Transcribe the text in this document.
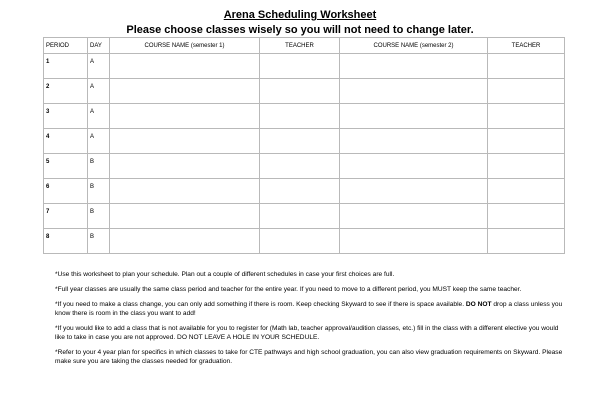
Arena Scheduling Worksheet
Please choose classes wisely so you will not need to change later.
PERIOD	DAY	COURSE NAME (semester 1)	TEACHER	COURSE NAME (semester 2)	TEACHER
1	A				
2	A				
3	A				
4	A				
5	B				
6	B				
7	B				
8	B				

*Use this worksheet to plan your schedule. Plan out a couple of different schedules in case your first choices are full.

*Full year classes are usually the same class period and teacher for the entire year. If you need to move to a different period, you MUST keep the same teacher.

*If you need to make a class change, you can only add something if there is room. Keep checking Skyward to see if there is space available. DO NOT drop a class unless you know there is room in the class you want to add!

*If you would like to add a class that is not available for you to register for (Math lab, teacher approval/audition classes, etc.) fill in the class with a different elective you would like to take in case you are not approved. DO NOT LEAVE A HOLE IN YOUR SCHEDULE.

*Refer to your 4 year plan for specifics in which classes to take for CTE pathways and high school graduation, you can also view graduation requirements on Skyward. Please make sure you are taking the classes needed for graduation.
